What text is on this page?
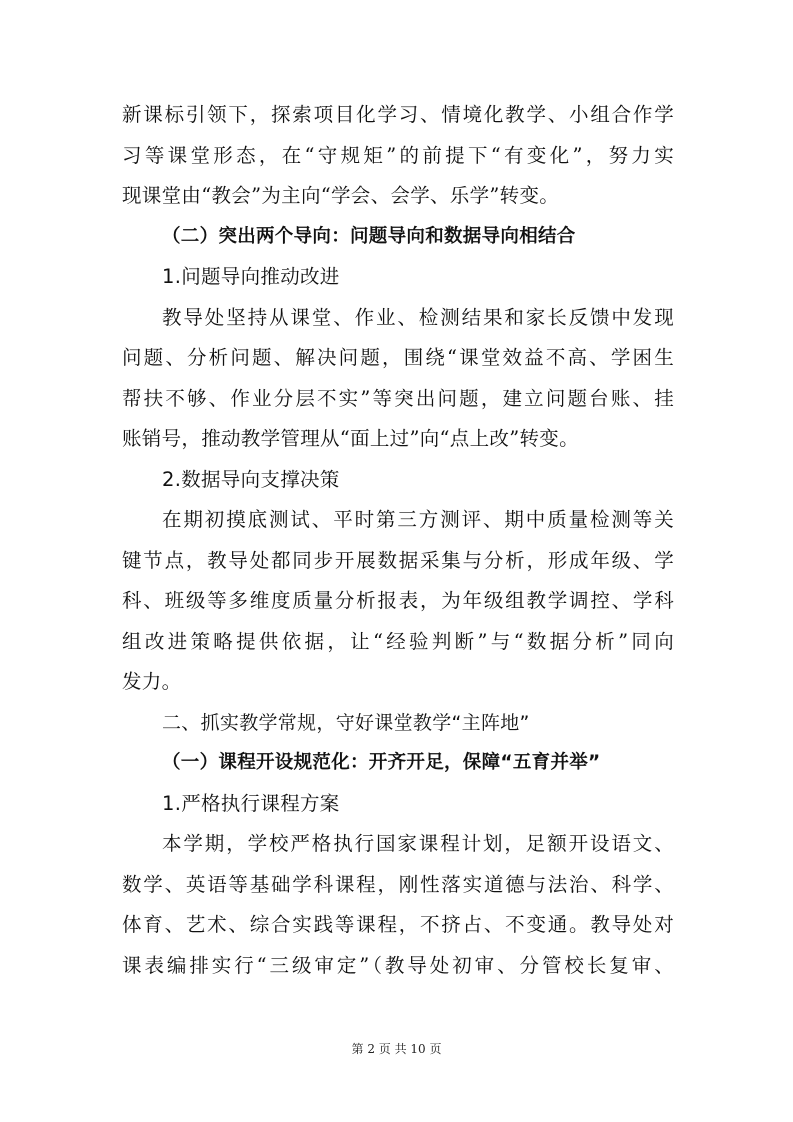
新课标引领下，探索项目化学习、情境化教学、小组合作学
习等课堂形态，在“守规矩”的前提下“有变化”，努力实
现课堂由“教会”为主向“学会、会学、乐学”转变。
（二）突出两个导向：问题导向和数据导向相结合
1.问题导向推动改进
教导处坚持从课堂、作业、检测结果和家长反馈中发现
问题、分析问题、解决问题，围绕“课堂效益不高、学困生
帮扶不够、作业分层不实”等突出问题，建立问题台账、挂
账销号，推动教学管理从“面上过”向“点上改”转变。
2.数据导向支撑决策
在期初摸底测试、平时第三方测评、期中质量检测等关
键节点，教导处都同步开展数据采集与分析，形成年级、学
科、班级等多维度质量分析报表，为年级组教学调控、学科
组改进策略提供依据，让“经验判断”与“数据分析”同向
发力。
二、抓实教学常规，守好课堂教学“主阵地”
（一）课程开设规范化：开齐开足，保障“五育并举”
1.严格执行课程方案
本学期，学校严格执行国家课程计划，足额开设语文、
数学、英语等基础学科课程，刚性落实道德与法治、科学、
体育、艺术、综合实践等课程，不挤占、不变通。教导处对
第 2 页 共 10 页
课表编排实行“三级审定”（教导处初审、分管校长复审、
